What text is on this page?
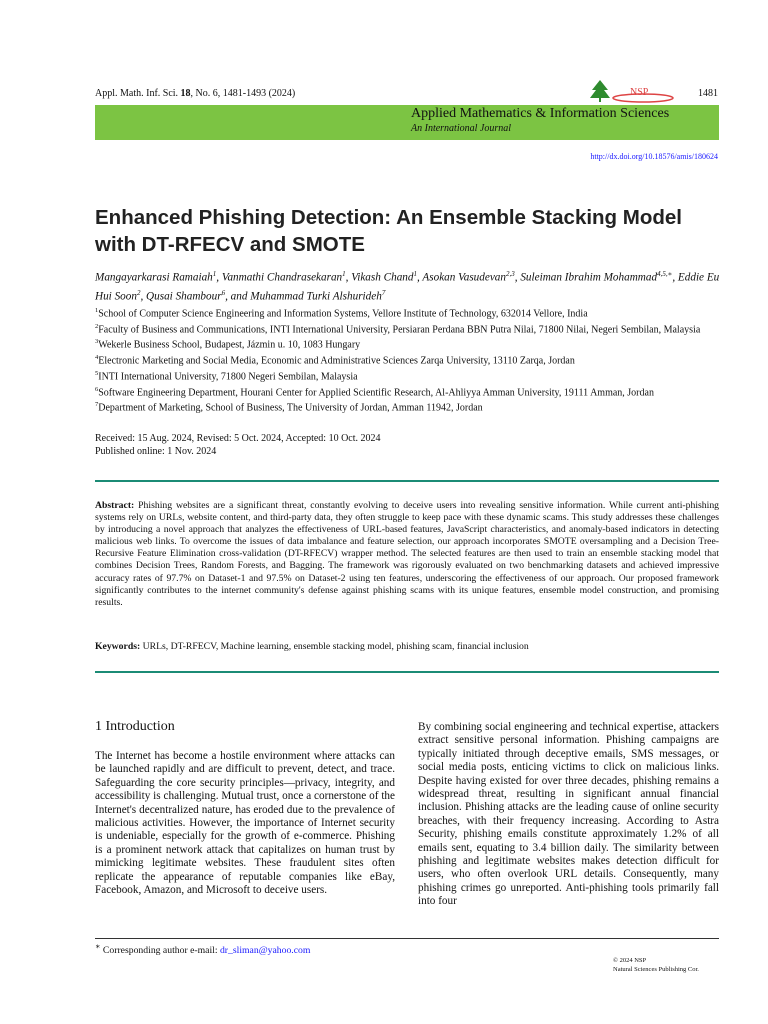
Appl. Math. Inf. Sci. 18, No. 6, 1481-1493 (2024)	1481
NSP
Applied Mathematics & Information Sciences
An International Journal
http://dx.doi.org/10.18576/amis/180624
Enhanced Phishing Detection: An Ensemble Stacking Model with DT-RFECV and SMOTE
Mangayarkarasi Ramaiah$^1$, Vanmathi Chandrasekaran$^1$, Vikash Chand$^1$, Asokan Vasudevan$^{2,3}$, Suleiman Ibrahim Mohammad$^{4,5,∗}$, Eddie Eu Hui Soon$^2$, Qusai Shambour$^6$, and Muhammad Turki Alshurideh$^7$

$^1$School of Computer Science Engineering and Information Systems, Vellore Institute of Technology, 632014 Vellore, India

$^2$Faculty of Business and Communications, INTI International University, Persiaran Perdana BBN Putra Nilai, 71800 Nilai, Negeri Sembilan, Malaysia

$^3$Wekerle Business School, Budapest, Jázmin u. 10, 1083 Hungary

$^4$Electronic Marketing and Social Media, Economic and Administrative Sciences Zarqa University, 13110 Zarqa, Jordan

$^5$INTI International University, 71800 Negeri Sembilan, Malaysia

$^6$Software Engineering Department, Hourani Center for Applied Scientific Research, Al-Ahliyya Amman University, 19111 Amman, Jordan

$^7$Department of Marketing, School of Business, The University of Jordan, Amman 11942, Jordan

Received: 15 Aug. 2024, Revised: 5 Oct. 2024, Accepted: 10 Oct. 2024
Published online: 1 Nov. 2024
Abstract: Phishing websites are a significant threat, constantly evolving to deceive users into revealing sensitive information. While current anti-phishing systems rely on URLs, website content, and third-party data, they often struggle to keep pace with these dynamic scams. This study addresses these challenges by introducing a novel approach that analyzes the effectiveness of URL-based features, JavaScript characteristics, and anomaly-based indicators in detecting malicious web links. To overcome the issues of data imbalance and feature selection, our approach incorporates SMOTE oversampling and a Decision Tree-Recursive Feature Elimination cross-validation (DT-RFECV) wrapper method. The selected features are then used to train an ensemble stacking model that combines Decision Trees, Random Forests, and Bagging. The framework was rigorously evaluated on two benchmarking datasets and achieved impressive accuracy rates of 97.7% on Dataset-1 and 97.5% on Dataset-2 using ten features, underscoring the effectiveness of our approach. Our proposed framework significantly contributes to the internet community's defense against phishing scams with its unique features, ensemble model construction, and promising results.
Keywords: URLs, DT-RFECV, Machine learning, ensemble stacking model, phishing scam, financial inclusion
1 Introduction
The Internet has become a hostile environment where attacks can be launched rapidly and are difficult to prevent, detect, and trace. Safeguarding the core security principles—privacy, integrity, and accessibility is challenging. Mutual trust, once a cornerstone of the Internet's decentralized nature, has eroded due to the prevalence of malicious activities. However, the importance of Internet security is undeniable, especially for the growth of e-commerce. Phishing is a prominent network attack that capitalizes on human trust by mimicking legitimate websites. These fraudulent sites often replicate the appearance of reputable companies like eBay, Facebook, Amazon, and Microsoft to deceive users.
By combining social engineering and technical expertise, attackers extract sensitive personal information. Phishing campaigns are typically initiated through deceptive emails, SMS messages, or social media posts, enticing victims to click on malicious links. Despite having existed for over three decades, phishing remains a widespread threat, resulting in significant annual financial inclusion. Phishing attacks are the leading cause of online security breaches, with their frequency increasing. According to Astra Security, phishing emails constitute approximately 1.2% of all emails sent, equating to 3.4 billion daily. The similarity between phishing and legitimate websites makes detection difficult for users, who often overlook URL details. Consequently, many phishing crimes go unreported. Anti-phishing tools primarily fall into four
∗ Corresponding author e-mail: dr_sliman@yahoo.com
© 2024 NSP
Natural Sciences Publishing Cor.
